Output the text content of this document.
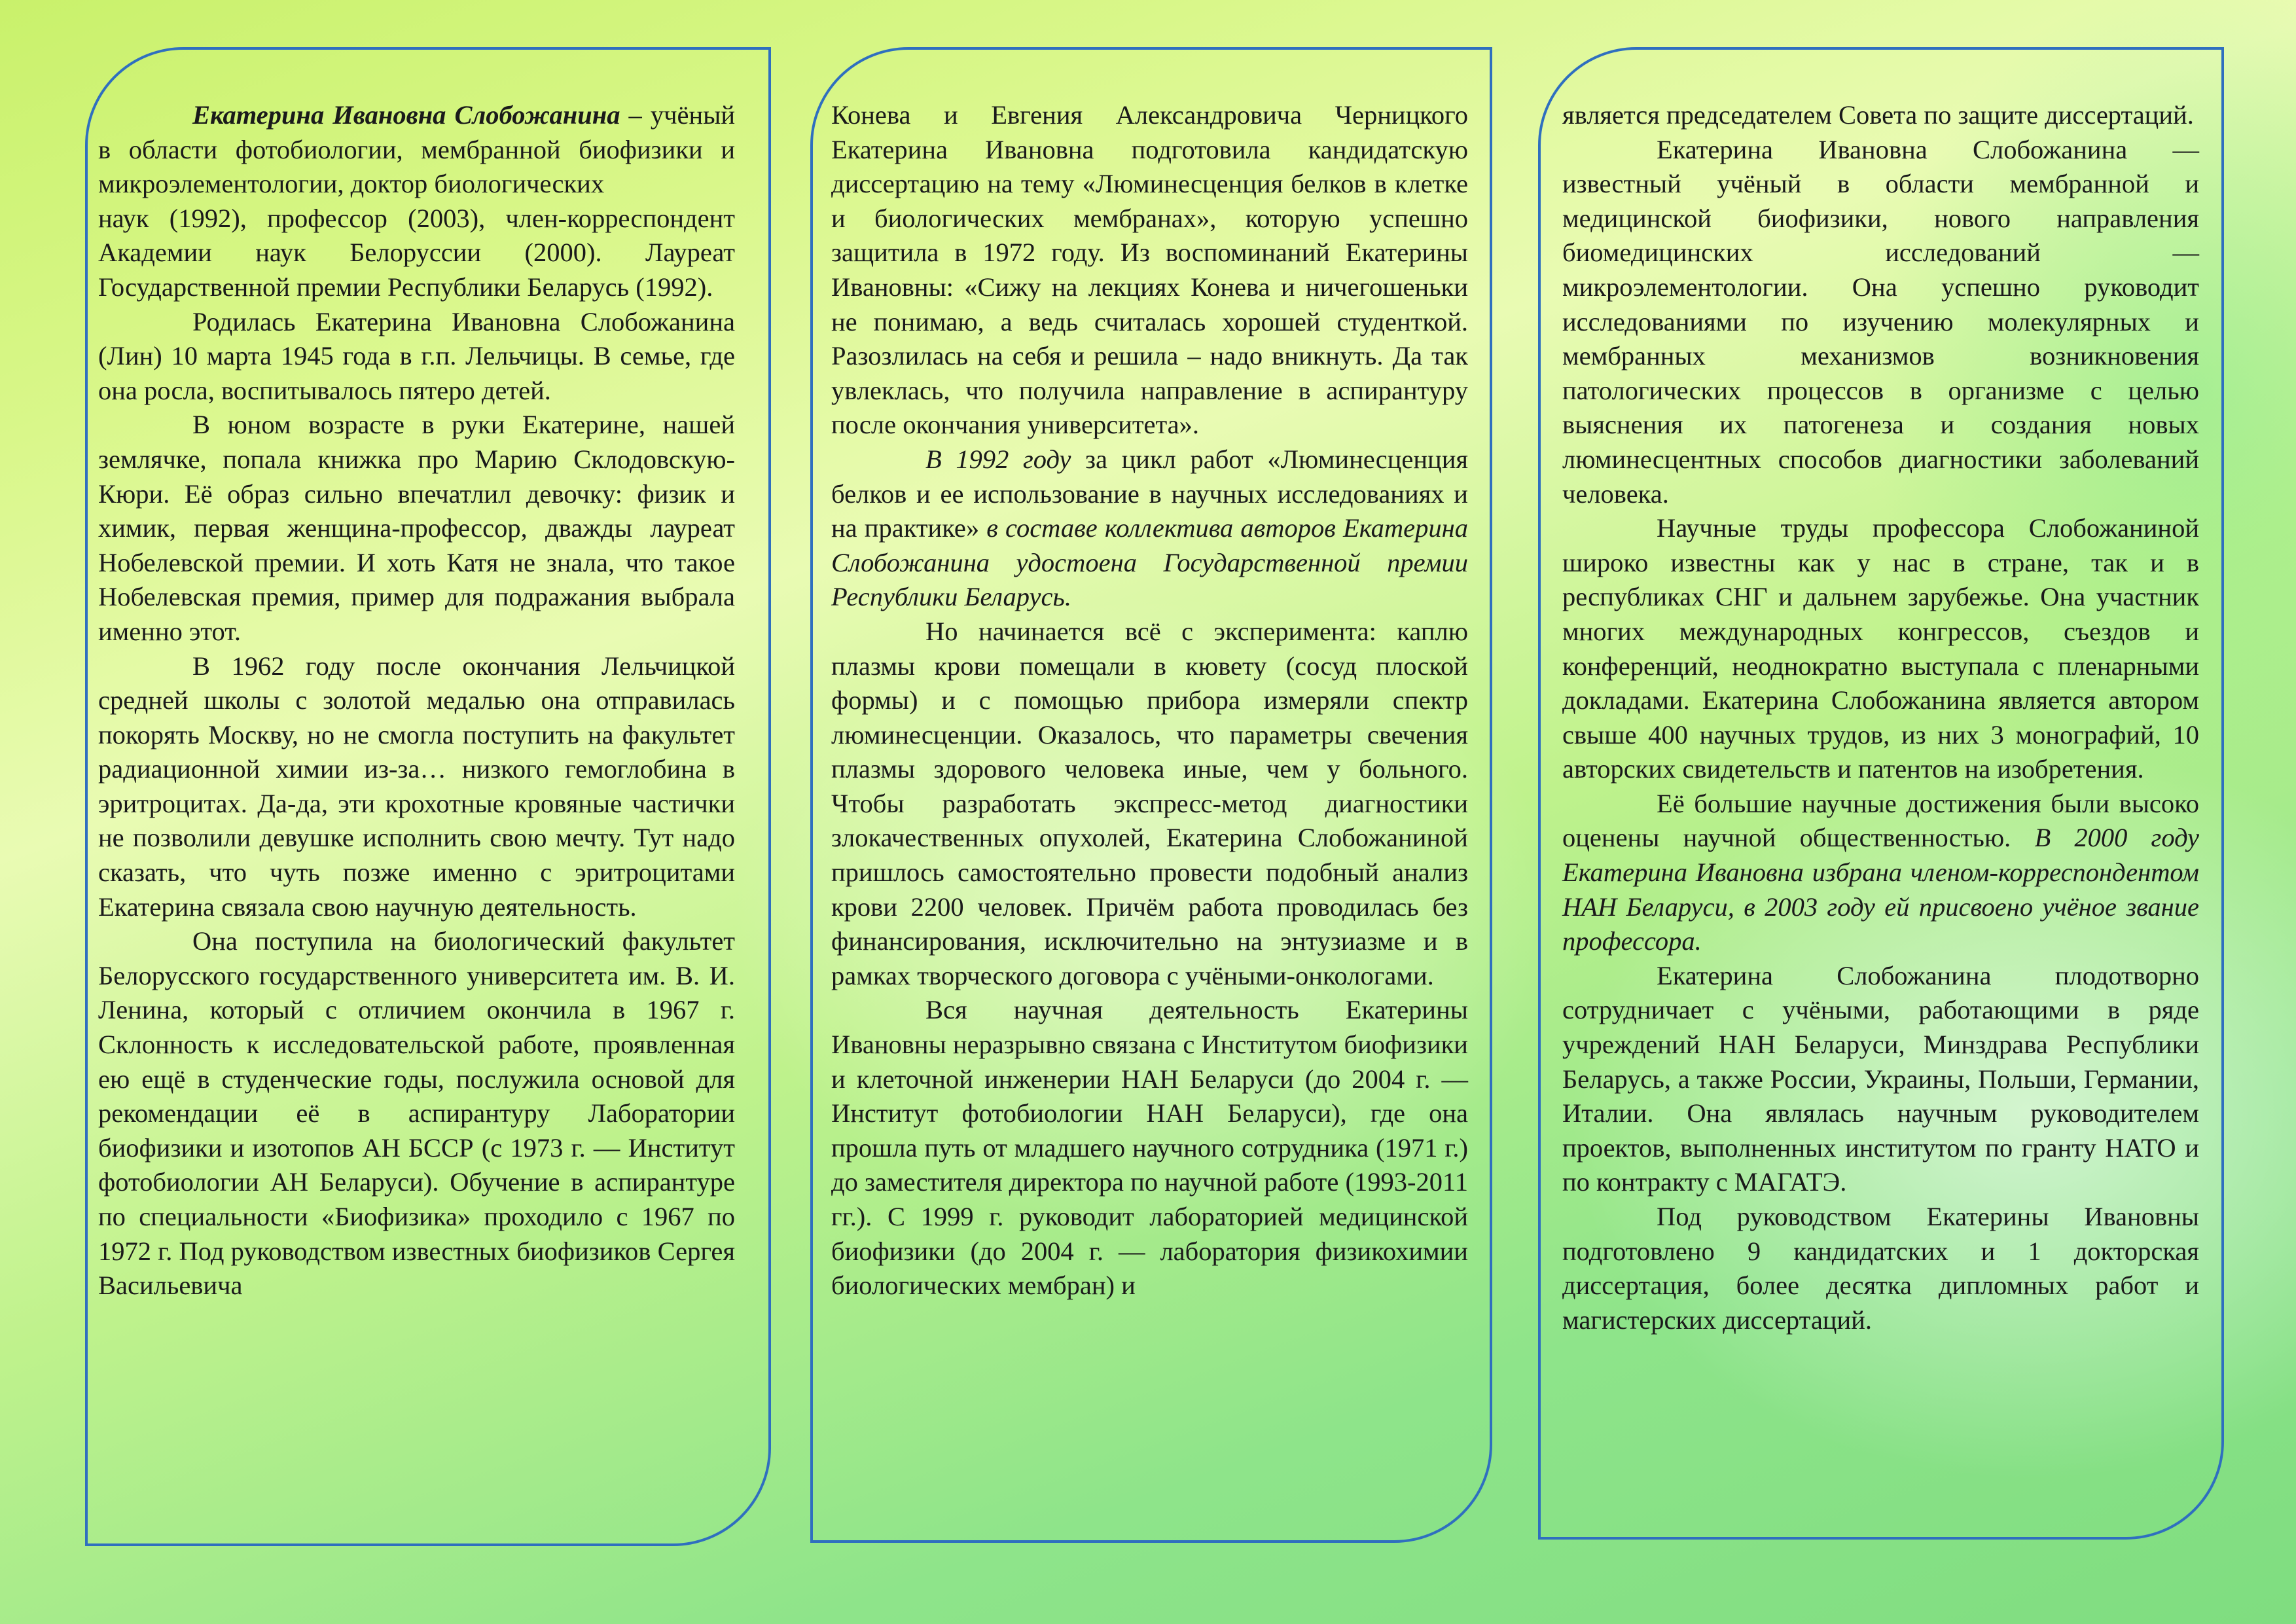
Екатерина Ивановна Слобожанина – учёный в области фотобиологии, мембранной биофизики и микроэлементологии, доктор биологических

наук (1992), профессор (2003), член-корреспондент Академии наук Белоруссии (2000). Лауреат Государственной премии Республики Беларусь (1992).

Родилась Екатерина Ивановна Слобожанина (Лин) 10 марта 1945 года в г.п. Лельчицы. В семье, где она росла, воспитывалось пятеро детей.

В юном возрасте в руки Екатерине, нашей землячке, попала книжка про Марию Склодовскую-Кюри. Её образ сильно впечатлил девочку: физик и химик, первая женщина-профессор, дважды лауреат Нобелевской премии. И хоть Катя не знала, что такое Нобелевская премия, пример для подражания выбрала именно этот.

В 1962 году после окончания Лельчицкой средней школы с золотой медалью она отправилась покорять Москву, но не смогла поступить на факультет радиационной химии из-за… низкого гемоглобина в эритроцитах. Да-да, эти крохотные кровяные частички не позволили девушке исполнить свою мечту. Тут надо сказать, что чуть позже именно с эритроцитами Екатерина связала свою научную деятельность.

Она поступила на биологический факультет Белорусского государственного университета им. В. И. Ленина, который с отличием окончила в 1967 г. Склонность к исследовательской работе, проявленная ею ещё в студенческие годы, послужила основой для рекомендации её в аспирантуру Лаборатории биофизики и изотопов АН БССР (с 1973 г. — Институт фотобиологии АН Беларуси). Обучение в аспирантуре по специальности «Биофизика» проходило с 1967 по 1972 г. Под руководством известных биофизиков Сергея Васильевича

Конева и Евгения Александровича Черницкого Екатерина Ивановна подготовила кандидатскую диссертацию на тему «Люминесценция белков в клетке и биологических мембранах», которую успешно защитила в 1972 году. Из воспоминаний Екатерины Ивановны: «Сижу на лекциях Конева и ничегошеньки не понимаю, а ведь считалась хорошей студенткой. Разозлилась на себя и решила – надо вникнуть. Да так увлеклась, что получила направление в аспирантуру после окончания университета».

В 1992 году за цикл работ «Люминесценция белков и ее использование в научных исследованиях и на практике» в составе коллектива авторов Екатерина Слобожанина удостоена Государственной премии Республики Беларусь.

Но начинается всё с эксперимента: каплю плазмы крови помещали в кювету (сосуд плоской формы) и с помощью прибора измеряли спектр люминесценции. Оказалось, что параметры свечения плазмы здорового человека иные, чем у больного. Чтобы разработать экспресс-метод диагностики злокачественных опухолей, Екатерина Слобожаниной пришлось самостоятельно провести подобный анализ крови 2200 человек. Причём работа проводилась без финансирования, исключительно на энтузиазме и в рамках творческого договора с учёными-онкологами.

Вся научная деятельность Екатерины Ивановны неразрывно связана с Институтом биофизики и клеточной инженерии НАН Беларуси (до 2004 г. — Институт фотобиологии НАН Беларуси), где она прошла путь от младшего научного сотрудника (1971 г.) до заместителя директора по научной работе (1993-2011 гг.). С 1999 г. руководит лабораторией медицинской биофизики (до 2004 г. — лаборатория физикохимии биологических мембран) и

является председателем Совета по защите диссертаций.

Екатерина Ивановна Слобожанина — известный учёный в области мембранной и медицинской биофизики, нового направления биомедицинских исследований — микроэлементологии. Она успешно руководит исследованиями по изучению молекулярных и мембранных механизмов возникновения патологических процессов в организме с целью выяснения их патогенеза и создания новых люминесцентных способов диагностики заболеваний человека.

Научные труды профессора Слобожаниной широко известны как у нас в стране, так и в республиках СНГ и дальнем зарубежье. Она участник многих международных конгрессов, съездов и конференций, неоднократно выступала с пленарными докладами. Екатерина Слобожанина является автором свыше 400 научных трудов, из них 3 монографий, 10 авторских свидетельств и патентов на изобретения.

Её большие научные достижения были высоко оценены научной общественностью. В 2000 году Екатерина Ивановна избрана членом-корреспондентом НАН Беларуси, в 2003 году ей присвоено учёное звание профессора.

Екатерина Слобожанина плодотворно сотрудничает с учёными, работающими в ряде учреждений НАН Беларуси, Минздрава Республики Беларусь, а также России, Украины, Польши, Германии, Италии. Она являлась научным руководителем проектов, выполненных институтом по гранту НАТО и по контракту с МАГАТЭ.

Под руководством Екатерины Ивановны подготовлено 9 кандидатских и 1 докторская диссертация, более десятка дипломных работ и магистерских диссертаций.
